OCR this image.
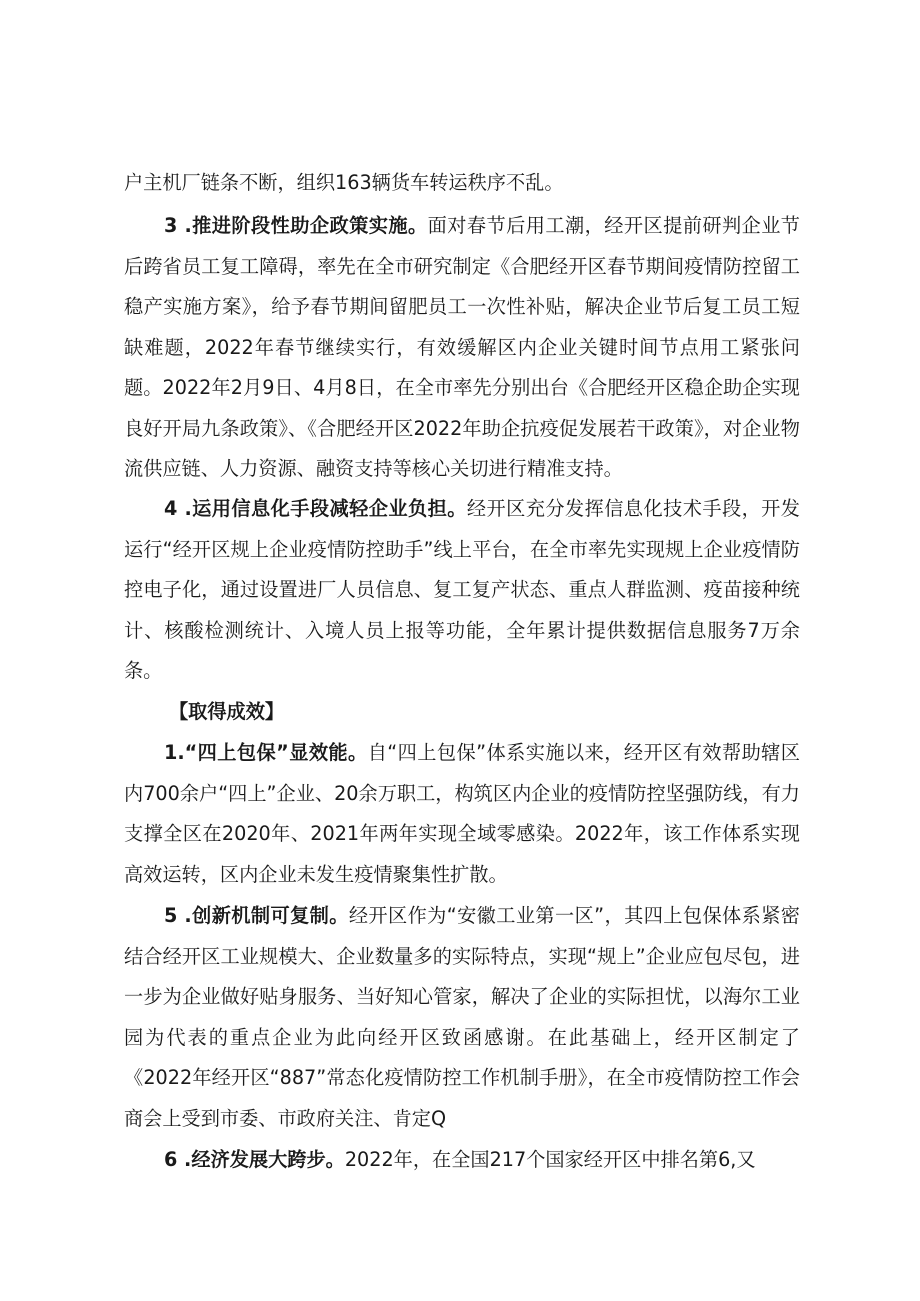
户主机厂链条不断，组织163辆货车转运秩序不乱。

3 .推进阶段性助企政策实施。面对春节后用工潮，经开区提前研判企业节后跨省员工复工障碍，率先在全市研究制定《合肥经开区春节期间疫情防控留工稳产实施方案》，给予春节期间留肥员工一次性补贴，解决企业节后复工员工短缺难题，2022年春节继续实行，有效缓解区内企业关键时间节点用工紧张问题。2022年2月9日、4月8日，在全市率先分别出台《合肥经开区稳企助企实现良好开局九条政策》、《合肥经开区2022年助企抗疫促发展若干政策》，对企业物流供应链、人力资源、融资支持等核心关切进行精准支持。

4 .运用信息化手段减轻企业负担。经开区充分发挥信息化技术手段，开发运行“经开区规上企业疫情防控助手”线上平台，在全市率先实现规上企业疫情防控电子化，通过设置进厂人员信息、复工复产状态、重点人群监测、疫苗接种统计、核酸检测统计、入境人员上报等功能，全年累计提供数据信息服务7万余条。

【取得成效】

1.“四上包保”显效能。自“四上包保”体系实施以来，经开区有效帮助辖区内700余户“四上”企业、20余万职工，构筑区内企业的疫情防控坚强防线，有力支撑全区在2020年、2021年两年实现全域零感染。2022年，该工作体系实现高效运转，区内企业未发生疫情聚集性扩散。

5 .创新机制可复制。经开区作为“安徽工业第一区”，其四上包保体系紧密结合经开区工业规模大、企业数量多的实际特点，实现“规上”企业应包尽包，进一步为企业做好贴身服务、当好知心管家，解决了企业的实际担忧，以海尔工业园为代表的重点企业为此向经开区致函感谢。在此基础上，经开区制定了《2022年经开区“887”常态化疫情防控工作机制手册》，在全市疫情防控工作会商会上受到市委、市政府关注、肯定Q

6 .经济发展大跨步。2022年，在全国217个国家经开区中排名第6,又
